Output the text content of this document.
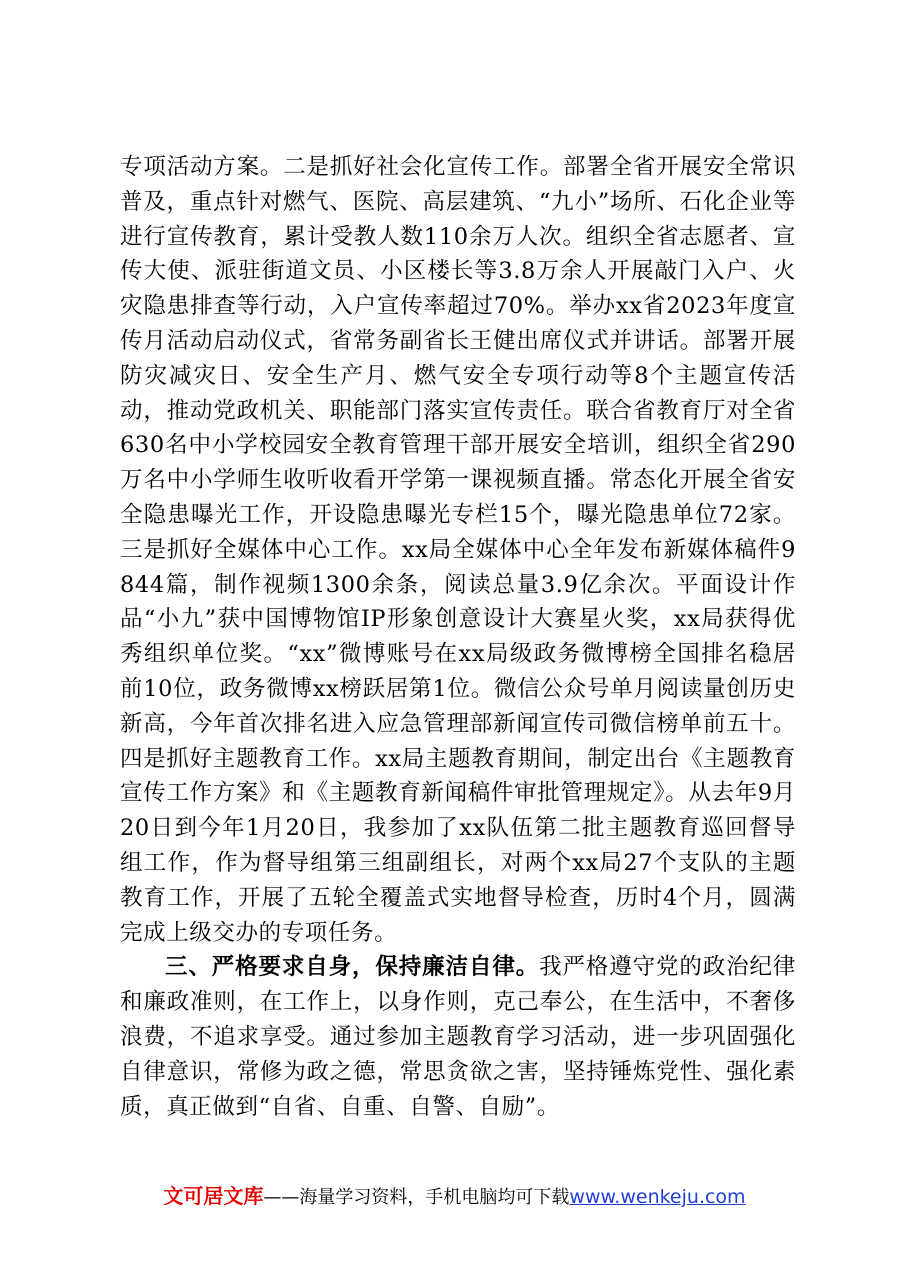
专项活动方案。二是抓好社会化宣传工作。部署全省开展安全常识普及，重点针对燃气、医院、高层建筑、“九小”场所、石化企业等进行宣传教育，累计受教人数110余万人次。组织全省志愿者、宣传大使、派驻街道文员、小区楼长等3.8万余人开展敲门入户、火灾隐患排查等行动，入户宣传率超过70%。举办xx省2023年度宣传月活动启动仪式，省常务副省长王健出席仪式并讲话。部署开展防灾减灾日、安全生产月、燃气安全专项行动等8个主题宣传活动，推动党政机关、职能部门落实宣传责任。联合省教育厅对全省630名中小学校园安全教育管理干部开展安全培训，组织全省290万名中小学师生收听收看开学第一课视频直播。常态化开展全省安全隐患曝光工作，开设隐患曝光专栏15个，曝光隐患单位72家。三是抓好全媒体中心工作。xx局全媒体中心全年发布新媒体稿件9844篇，制作视频1300余条，阅读总量3.9亿余次。平面设计作品“小九”获中国博物馆IP形象创意设计大赛星火奖，xx局获得优秀组织单位奖。“xx”微博账号在xx局级政务微博榜全国排名稳居前10位，政务微博xx榜跃居第1位。微信公众号单月阅读量创历史新高，今年首次排名进入应急管理部新闻宣传司微信榜单前五十。四是抓好主题教育工作。xx局主题教育期间，制定出台《主题教育宣传工作方案》和《主题教育新闻稿件审批管理规定》。从去年9月20日到今年1月20日，我参加了xx队伍第二批主题教育巡回督导组工作，作为督导组第三组副组长，对两个xx局27个支队的主题教育工作，开展了五轮全覆盖式实地督导检查，历时4个月，圆满完成上级交办的专项任务。

三、严格要求自身，保持廉洁自律。我严格遵守党的政治纪律和廉政准则，在工作上，以身作则，克己奉公，在生活中，不奢侈浪费，不追求享受。通过参加主题教育学习活动，进一步巩固强化自律意识，常修为政之德，常思贪欲之害，坚持锤炼党性、强化素质，真正做到“自省、自重、自警、自励”。

文可居文库——海量学习资料，手机电脑均可下载www.wenkeju.com
